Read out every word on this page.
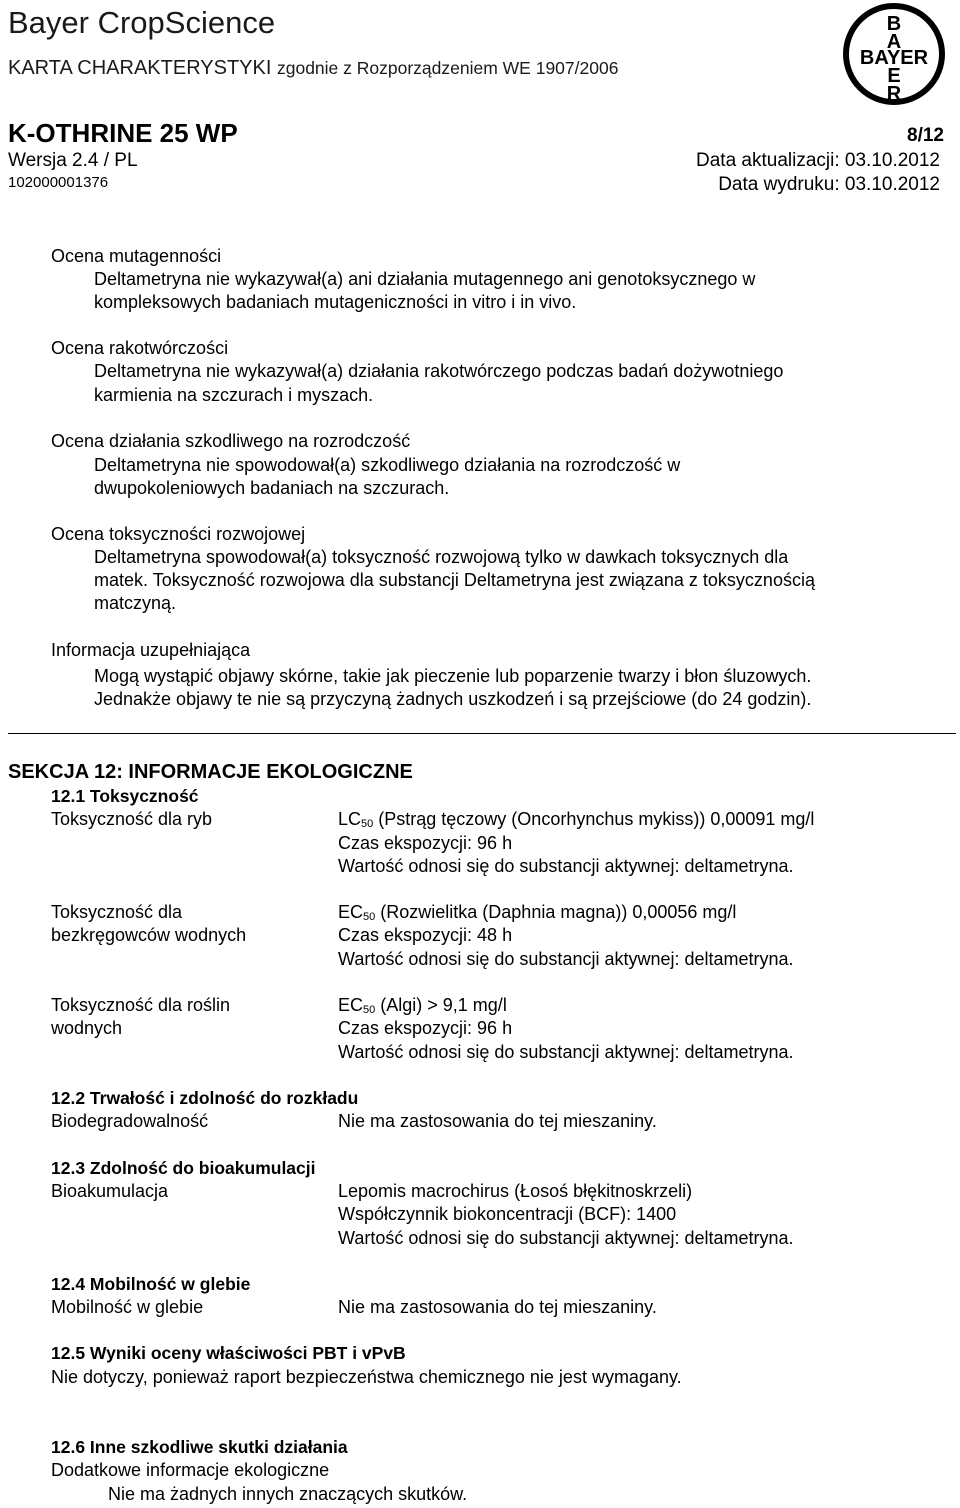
Bayer CropScience
KARTA CHARAKTERYSTYKI zgodnie z Rozporządzeniem WE 1907/2006
B
A
BAYER
E
R
K-OTHRINE 25 WP	8/12
Wersja 2.4 / PL	Data aktualizacji: 03.10.2012
102000001376	Data wydruku: 03.10.2012
Ocena mutagenności
Deltametryna nie wykazywał(a) ani działania mutagennego ani genotoksycznego w
kompleksowych badaniach mutageniczności in vitro i in vivo.
Ocena rakotwórczości
Deltametryna nie wykazywał(a) działania rakotwórczego podczas badań dożywotniego
karmienia na szczurach i myszach.
Ocena działania szkodliwego na rozrodczość
Deltametryna nie spowodował(a) szkodliwego działania na rozrodczość w
dwupokoleniowych badaniach na szczurach.
Ocena toksyczności rozwojowej
Deltametryna spowodował(a) toksyczność rozwojową tylko w dawkach toksycznych dla
matek. Toksyczność rozwojowa dla substancji Deltametryna jest związana z toksycznością
matczyną.
Informacja uzupełniająca
Mogą wystąpić objawy skórne, takie jak pieczenie lub poparzenie twarzy i błon śluzowych.
Jednakże objawy te nie są przyczyną żadnych uszkodzeń i są przejściowe (do 24 godzin).
SEKCJA 12: INFORMACJE EKOLOGICZNE
12.1 Toksyczność
Toksyczność dla ryb	$LC_{50}$ (Pstrąg tęczowy (Oncorhynchus mykiss)) 0,00091 mg/l
Czas ekspozycji: 96 h
Wartość odnosi się do substancji aktywnej: deltametryna.
Toksyczność dla
bezkręgowców wodnych
$EC_{50}$ (Rozwielitka (Daphnia magna)) 0,00056 mg/l
Czas ekspozycji: 48 h
Wartość odnosi się do substancji aktywnej: deltametryna.
Toksyczność dla roślin
wodnych
$EC_{50}$ (Algi) > 9,1 mg/l
Czas ekspozycji: 96 h
Wartość odnosi się do substancji aktywnej: deltametryna.
12.2 Trwałość i zdolność do rozkładu
Biodegradowalność	Nie ma zastosowania do tej mieszaniny.
12.3 Zdolność do bioakumulacji
Bioakumulacja	Lepomis macrochirus (Łosoś błękitnoskrzeli)
Współczynnik biokoncentracji (BCF): 1400
Wartość odnosi się do substancji aktywnej: deltametryna.
12.4 Mobilność w glebie
Mobilność w glebie	Nie ma zastosowania do tej mieszaniny.
12.5 Wyniki oceny właściwości PBT i vPvB
Nie dotyczy, ponieważ raport bezpieczeństwa chemicznego nie jest wymagany.
12.6 Inne szkodliwe skutki działania
Dodatkowe informacje ekologiczne
Nie ma żadnych innych znaczących skutków.
